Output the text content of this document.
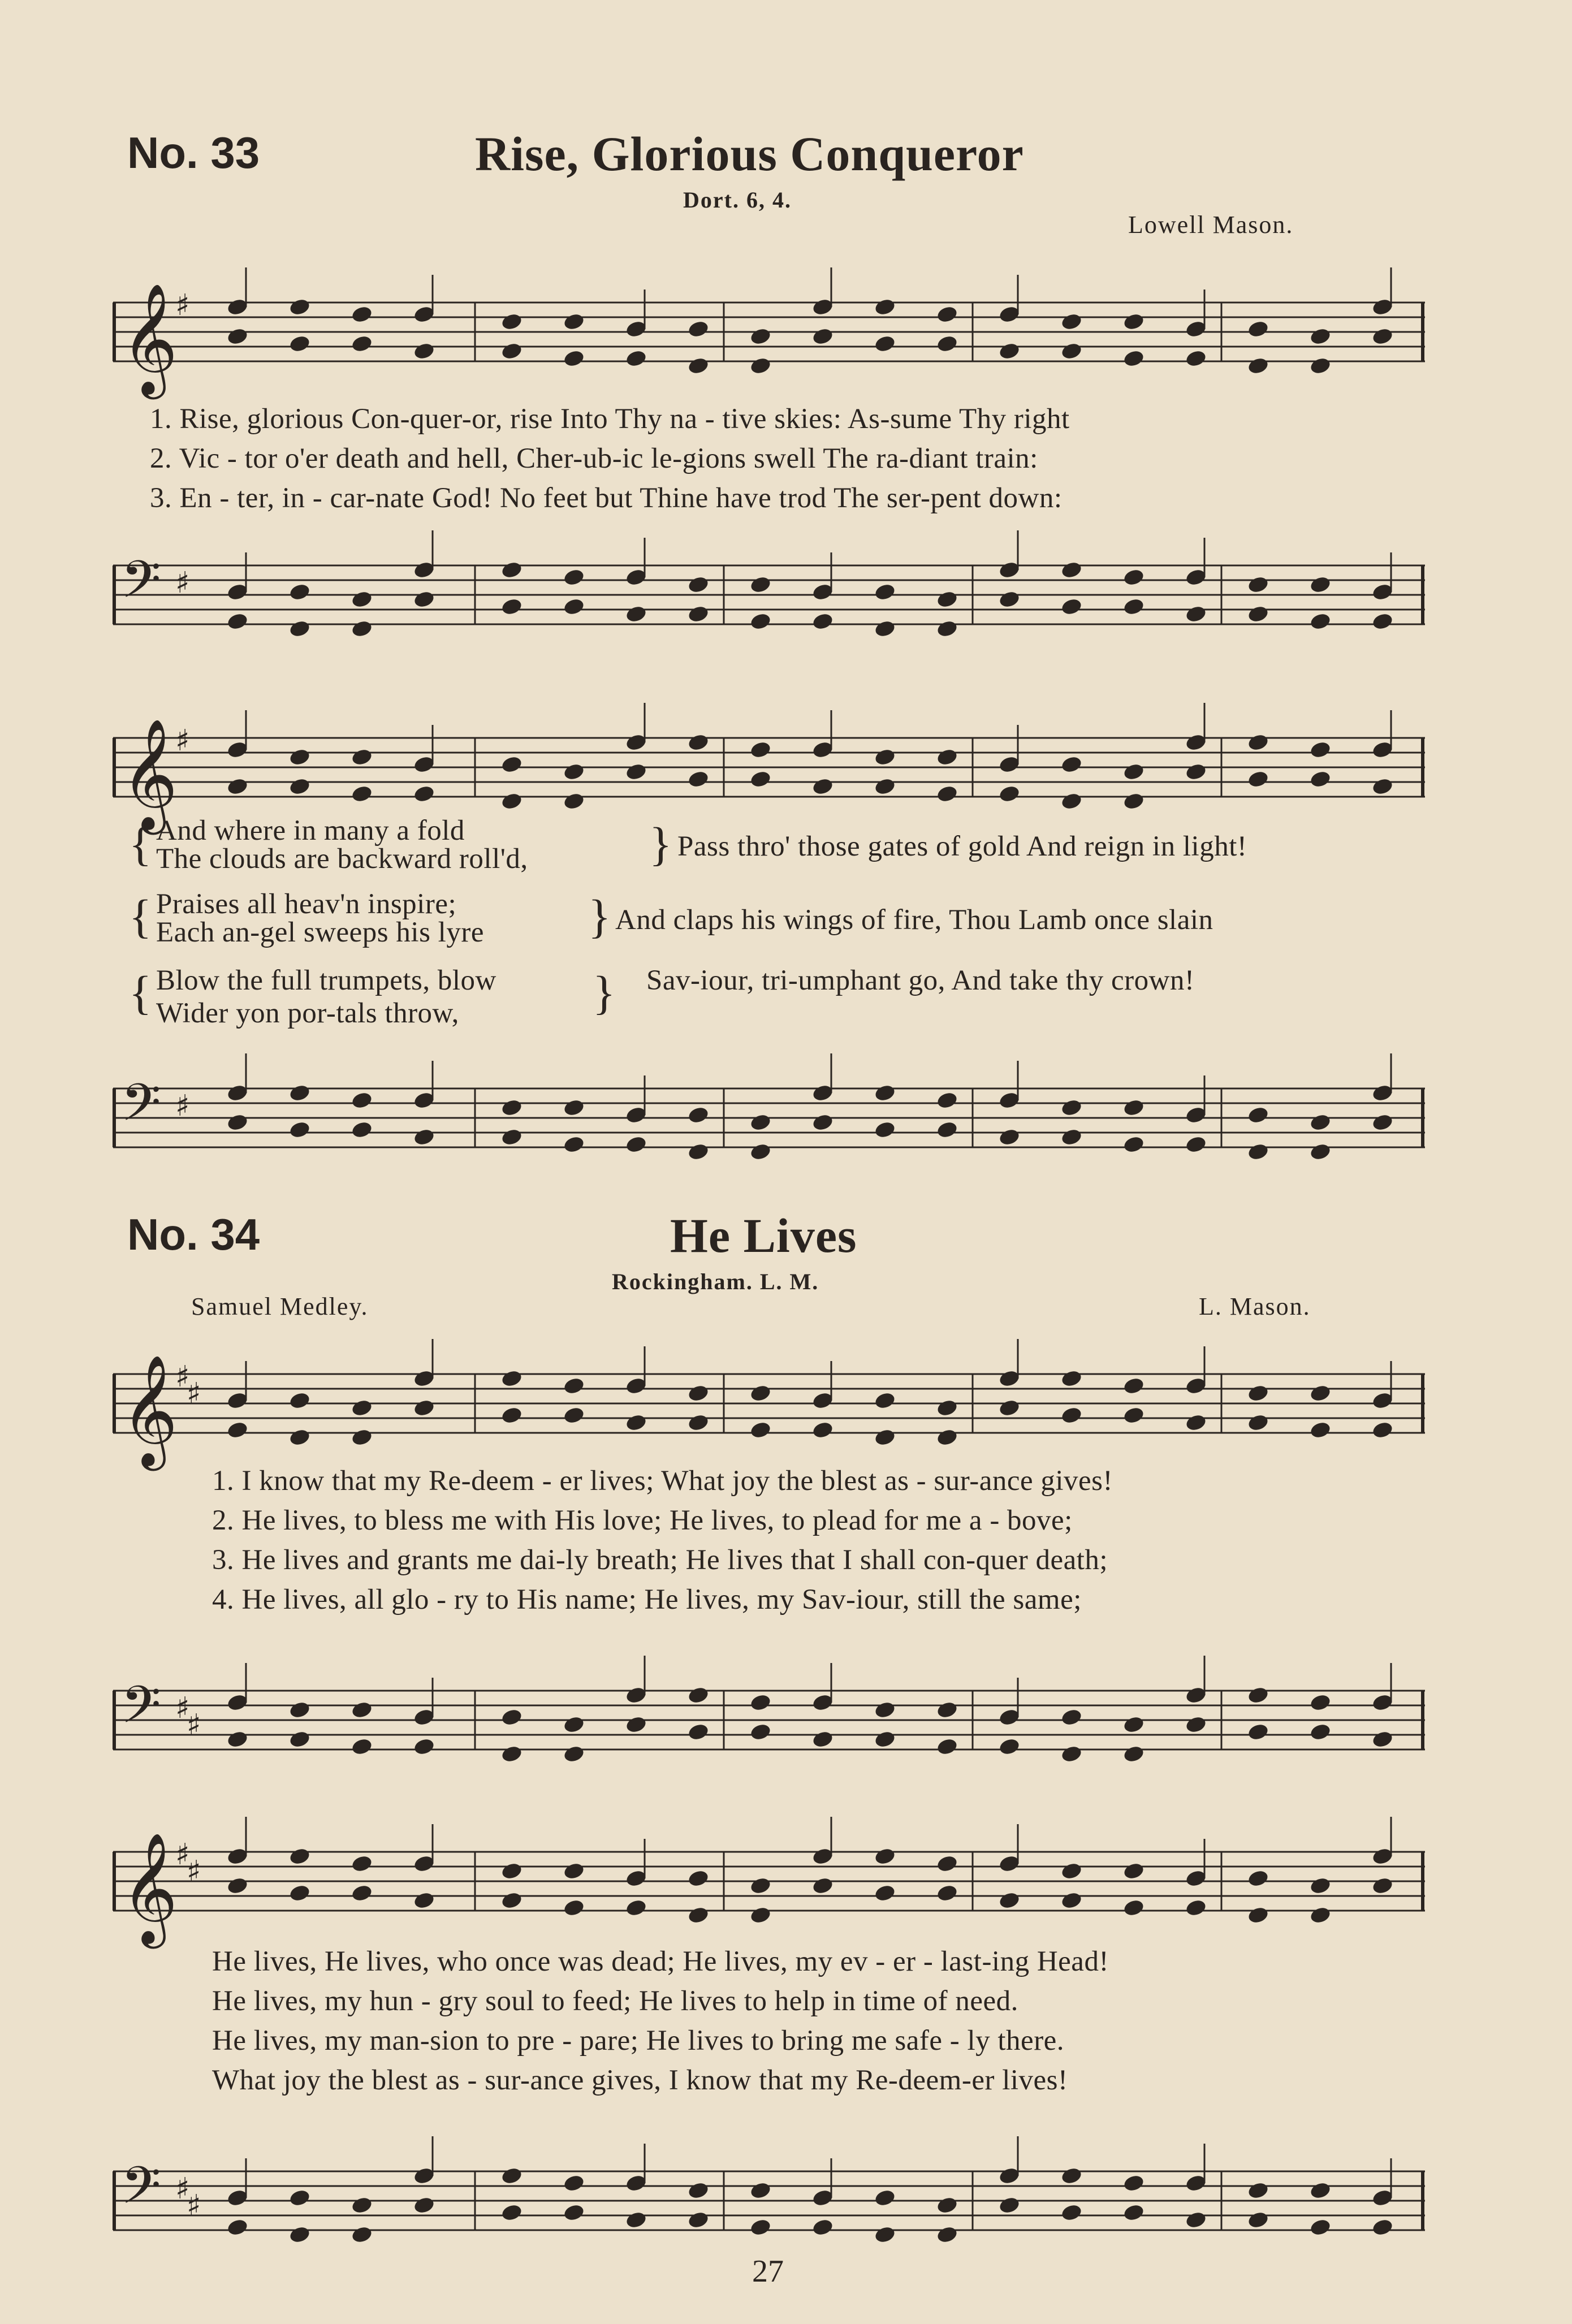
No. 33	Rise, Glorious Conqueror
Dort. 6, 4.
Lowell Mason.
𝄞
♯
𝄢 ♯
1. Rise, glorious Con-quer-or, rise Into Thy na - tive skies: As-sume Thy right
2. Vic - tor o'er death and hell, Cher-ub-ic le-gions swell The ra-diant train:
3. En - ter, in - car-nate God! No feet but Thine have trod The ser-pent down:
𝄞
♯
𝄢 ♯
{ And where in many a fold
The clouds are backward roll'd,	} Pass thro' those gates of gold And reign in light!
{ Praises all heav'n inspire;
Each an-gel sweeps his lyre } And claps his wings of fire, Thou Lamb once slain
{ Blow the full trumpets, blow
Wider yon por-tals throw,	} Sav-iour, tri-umphant go, And take thy crown!
No. 34	He Lives
Rockingham. L. M.
Samuel Medley.	L. Mason.
𝄞
♯
♯
𝄢 ♯
♯
1. I know that my Re-deem - er lives; What joy the blest as - sur-ance gives!
2. He lives, to bless me with His love; He lives, to plead for me a - bove;
3. He lives and grants me dai-ly breath; He lives that I shall con-quer death;
4. He lives, all glo - ry to His name; He lives, my Sav-iour, still the same;
𝄞
♯
♯
𝄢 ♯
♯
He lives, He lives, who once was dead; He lives, my ev - er - last-ing Head!
He lives, my hun - gry soul to feed; He lives to help in time of need.
He lives, my man-sion to pre - pare; He lives to bring me safe - ly there.
What joy the blest as - sur-ance gives, I know that my Re-deem-er lives!
27
